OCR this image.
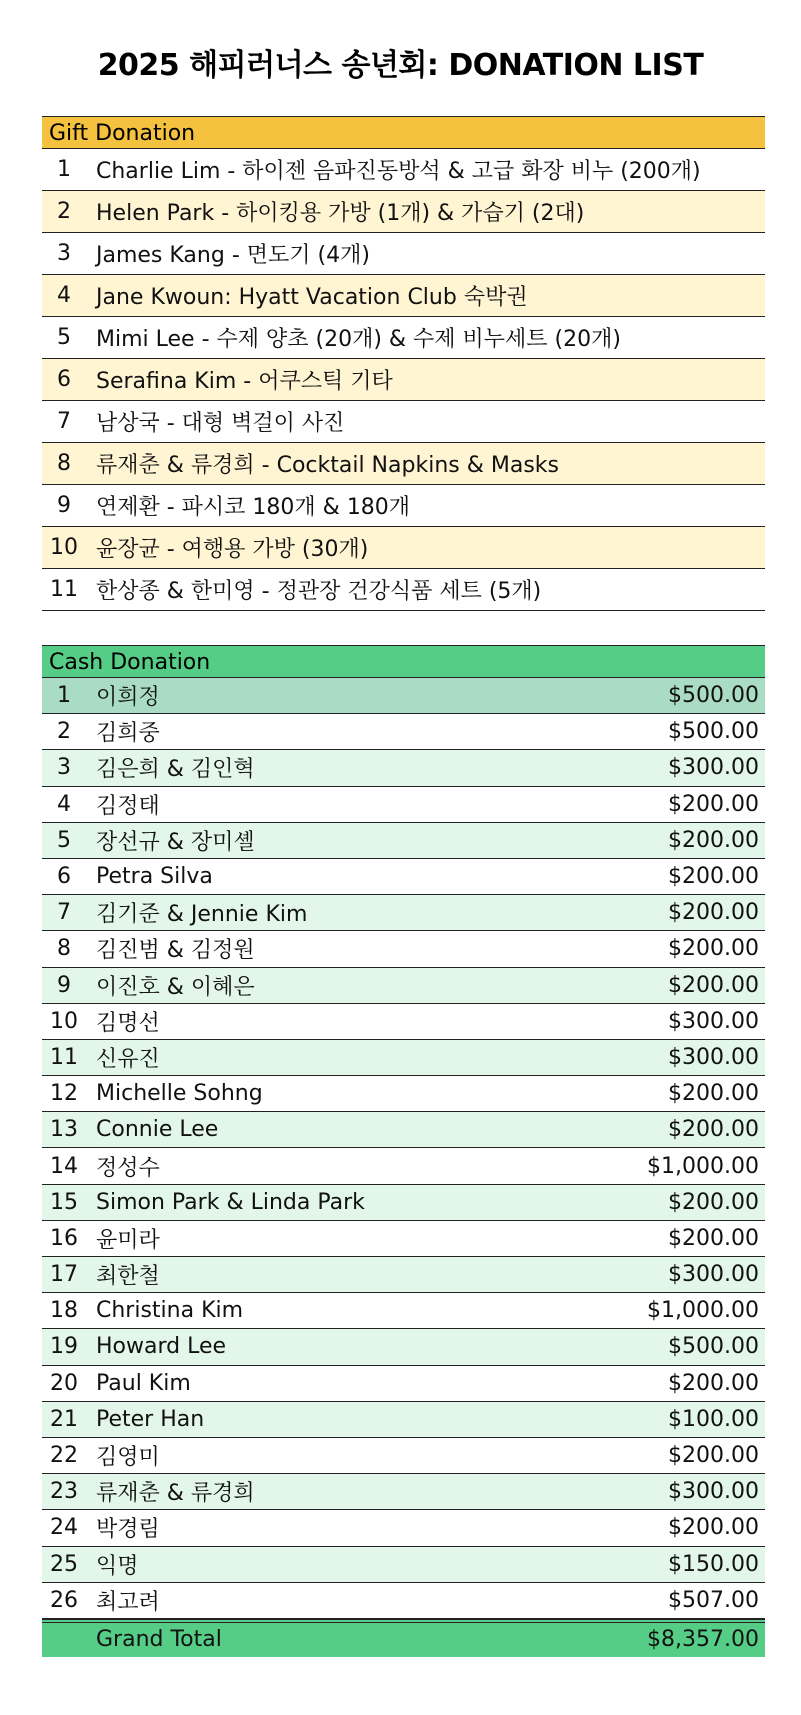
2025 해피러너스 송년회: DONATION LIST
Gift Donation
1	Charlie Lim - 하이젠 음파진동방석 & 고급 화장 비누 (200개)
2	Helen Park - 하이킹용 가방 (1개) & 가습기 (2대)
3	James Kang - 면도기 (4개)
4	Jane Kwoun: Hyatt Vacation Club 숙박권
5	Mimi Lee - 수제 양초 (20개) & 수제 비누세트 (20개)
6	Serafina Kim - 어쿠스틱 기타
7	남상국 - 대형 벽걸이 사진
8	류재춘 & 류경희 - Cocktail Napkins & Masks
9	연제환 - 파시코 180개 & 180개
10 윤장균 - 여행용 가방 (30개)
11 한상종 & 한미영 - 정관장 건강식품 세트 (5개)
Cash Donation
1	이희정	$500.00
2	김희중	$500.00
3	김은희 & 김인혁	$300.00
4	김정태	$200.00
5	장선규 & 장미셸	$200.00
6	Petra Silva	$200.00
7	김기준 & Jennie Kim	$200.00
8	김진범 & 김정원	$200.00
9	이진호 & 이혜은	$200.00
10 김명선	$300.00
11 신유진	$300.00
12 Michelle Sohng	$200.00
13 Connie Lee	$200.00
14 정성수	$1,000.00
15 Simon Park & Linda Park	$200.00
16 윤미라	$200.00
17 최한철	$300.00
18 Christina Kim	$1,000.00
19 Howard Lee	$500.00
20 Paul Kim	$200.00
21 Peter Han	$100.00
22 김영미	$200.00
23 류재춘 & 류경희	$300.00
24 박경림	$200.00
25 익명	$150.00
26 최고려	$507.00
Grand Total	$8,357.00
